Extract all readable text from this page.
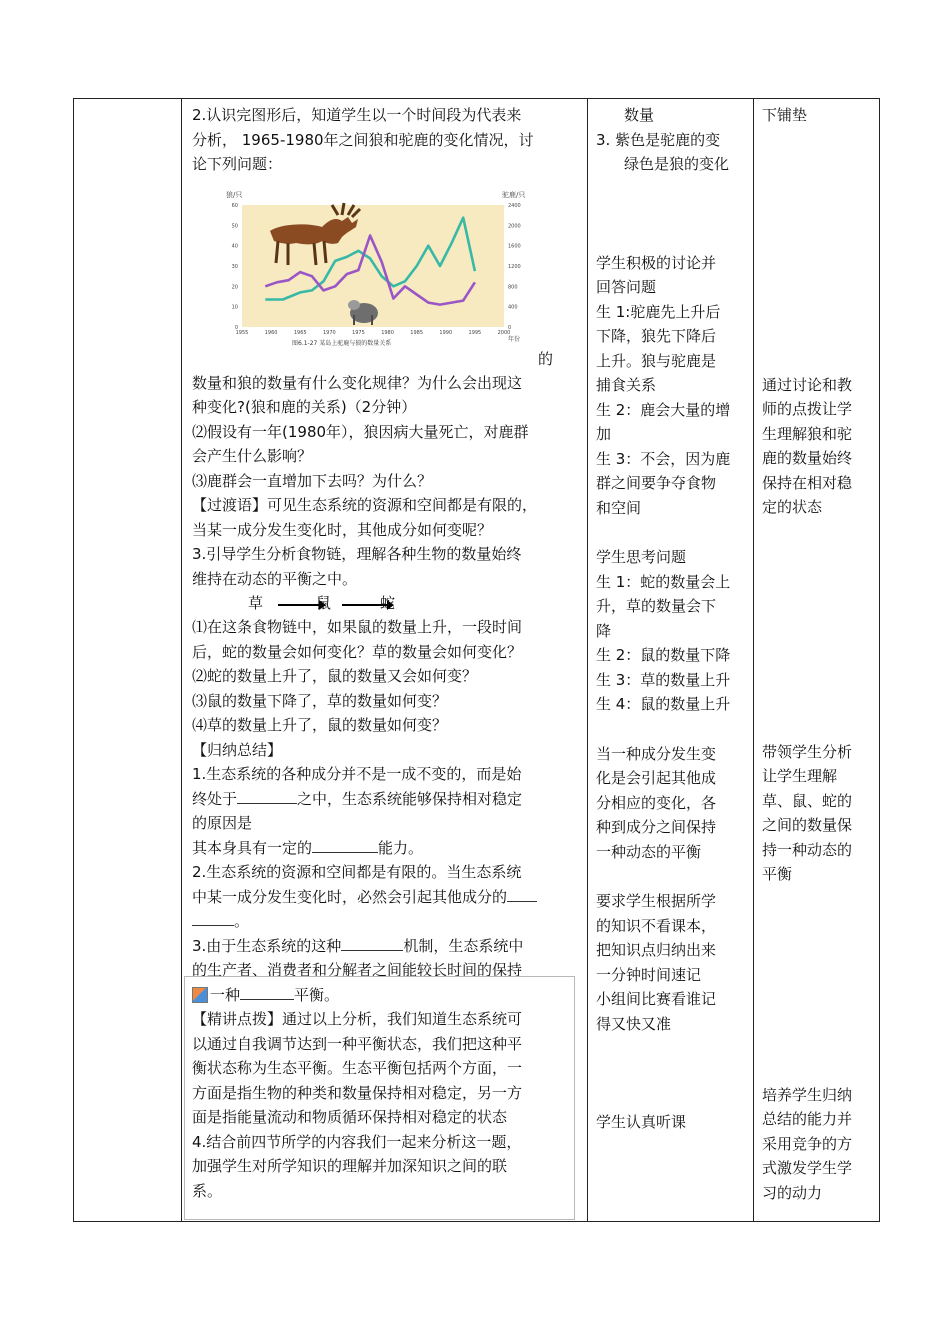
2.认识完图形后，知道学生以一个时间段为代表来
分析， 1965-1980年之间狼和驼鹿的变化情况，讨
论下列问题：
0
10
20
30
40
50
60
0
400
800
1200
1600
2000
2400
1955	1960	1965	1970	1975	1980	1985	1990	1995	2000
狼/只	驼鹿/只
年份
图6.1-27 某岛上驼鹿与狼的数量关系
的
数量和狼的数量有什么变化规律？为什么会出现这
种变化?(狼和鹿的关系)（2分钟）
⑵假设有一年(1980年），狼因病大量死亡，对鹿群
会产生什么影响？
⑶鹿群会一直增加下去吗？为什么？
【过渡语】可见生态系统的资源和空间都是有限的，
当某一成分发生变化时，其他成分如何变呢？
3.引导学生分析食物链，理解各种生物的数量始终
维持在动态的平衡之中。
草	鼠	蛇
⑴在这条食物链中，如果鼠的数量上升，一段时间
后，蛇的数量会如何变化？草的数量会如何变化？
⑵蛇的数量上升了，鼠的数量又会如何变？
⑶鼠的数量下降了，草的数量如何变？
⑷草的数量上升了，鼠的数量如何变？
【归纳总结】
1.生态系统的各种成分并不是一成不变的，而是始
终处于	之中，生态系统能够保持相对稳定
的原因是
其本身具有一定的	能力。
2.生态系统的资源和空间都是有限的。当生态系统
中某一成分发生变化时，必然会引起其他成分的
。
3.由于生态系统的这种	机制，生态系统中
的生产者、消费者和分解者之间能较长时间的保持
一种	平衡。
【精讲点拨】通过以上分析，我们知道生态系统可
以通过自我调节达到一种平衡状态，我们把这种平
衡状态称为生态平衡。生态平衡包括两个方面，一
方面是指生物的种类和数量保持相对稳定，另一方
面是指能量流动和物质循环保持相对稳定的状态
4.结合前四节所学的内容我们一起来分析这一题，
加强学生对所学知识的理解并加深知识之间的联
系。

数量
3. 紫色是驼鹿的变
绿色是狼的变化
学生积极的讨论并
回答问题
生 1:驼鹿先上升后
下降，狼先下降后
上升。狼与驼鹿是
捕食关系
生 2：鹿会大量的增
加
生 3：不会，因为鹿
群之间要争夺食物
和空间
学生思考问题
生 1：蛇的数量会上
升，草的数量会下
降
生 2：鼠的数量下降
生 3：草的数量上升
生 4：鼠的数量上升
当一种成分发生变
化是会引起其他成
分相应的变化，各
种到成分之间保持
一种动态的平衡
要求学生根据所学
的知识不看课本，
把知识点归纳出来
一分钟时间速记
小组间比赛看谁记
得又快又准
学生认真听课

下铺垫
通过讨论和教
师的点拨让学
生理解狼和驼
鹿的数量始终
保持在相对稳
定的状态
带领学生分析
让学生理解
草、鼠、蛇的
之间的数量保
持一种动态的
平衡
培养学生归纳
总结的能力并
采用竞争的方
式激发学生学
习的动力
